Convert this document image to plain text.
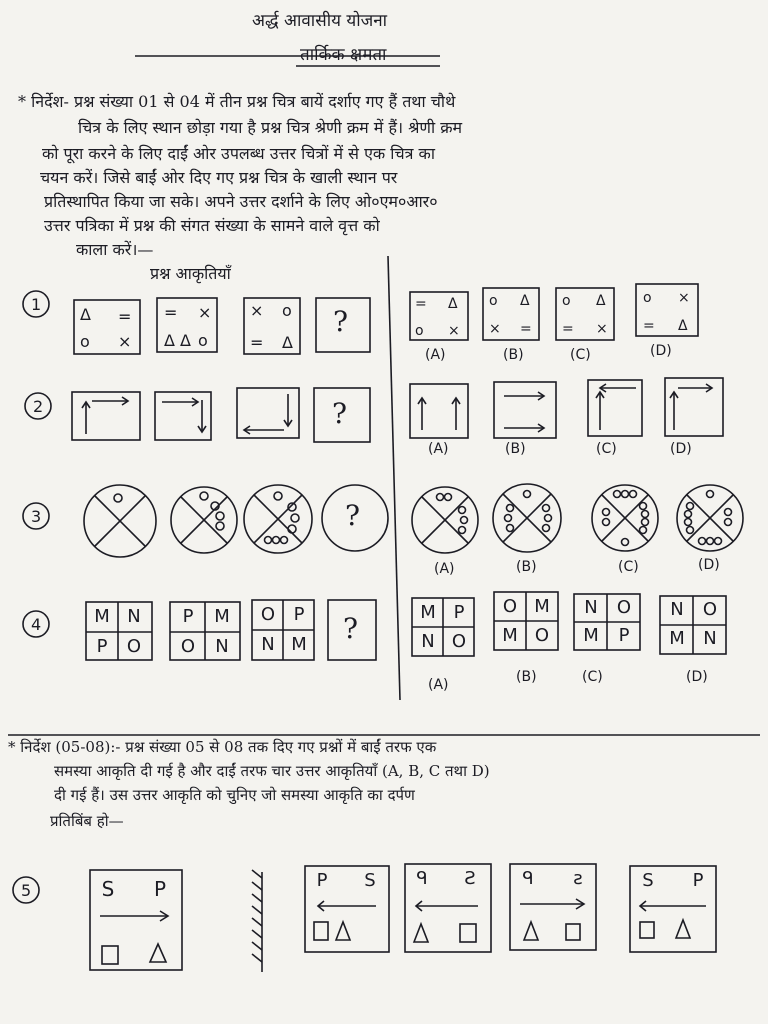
अर्द्ध आवासीय योजना
तार्किक क्षमता
* निर्देश- प्रश्न संख्या 01 से 04 में तीन प्रश्न चित्र बायें दर्शाए गए हैं तथा चौथे
चित्र के लिए स्थान छोड़ा गया है प्रश्न चित्र श्रेणी क्रम में हैं। श्रेणी क्रम
को पूरा करने के लिए दाईं ओर उपलब्ध उत्तर चित्रों में से एक चित्र का
चयन करें। जिसे बाईं ओर दिए गए प्रश्न चित्र के खाली स्थान पर
प्रतिस्थापित किया जा सके। अपने उत्तर दर्शाने के लिए ओ०एम०आर०
उत्तर पत्रिका में प्रश्न की संगत संख्या के सामने वाले वृत्त को
काला करें।—
प्रश्न आकृतियाँ
Δ =
o ×
= ×
Δ Δ o
× o
= Δ
= Δ
o ×
o Δ
× =
o Δ
= ×
o ×
= Δ
1
2
3
4
5
?
?
?
?
(A)	(B)	(C)	(D)
(A)	(B)	(C)	(D)
(A)	(B)	(C)	(D)
(A)	(B)	(C)	(D)
M N
P	O
P	M
O N
O	P
N M
M P
N O
O M
M O
N O
M	P
N O
M N
* निर्देश (05-08):- प्रश्न संख्या 05 से 08 तक दिए गए प्रश्नों में बाईं तरफ एक
समस्या आकृति दी गई है और दाईं तरफ चार उत्तर आकृतियाँ (A, B, C तथा D)
दी गई हैं। उस उत्तर आकृति को चुनिए जो समस्या आकृति का दर्पण
प्रतिबिंब हो—
S P	P	S	ᑫ	Ƨ	ᑫ	ƨ	S	P
